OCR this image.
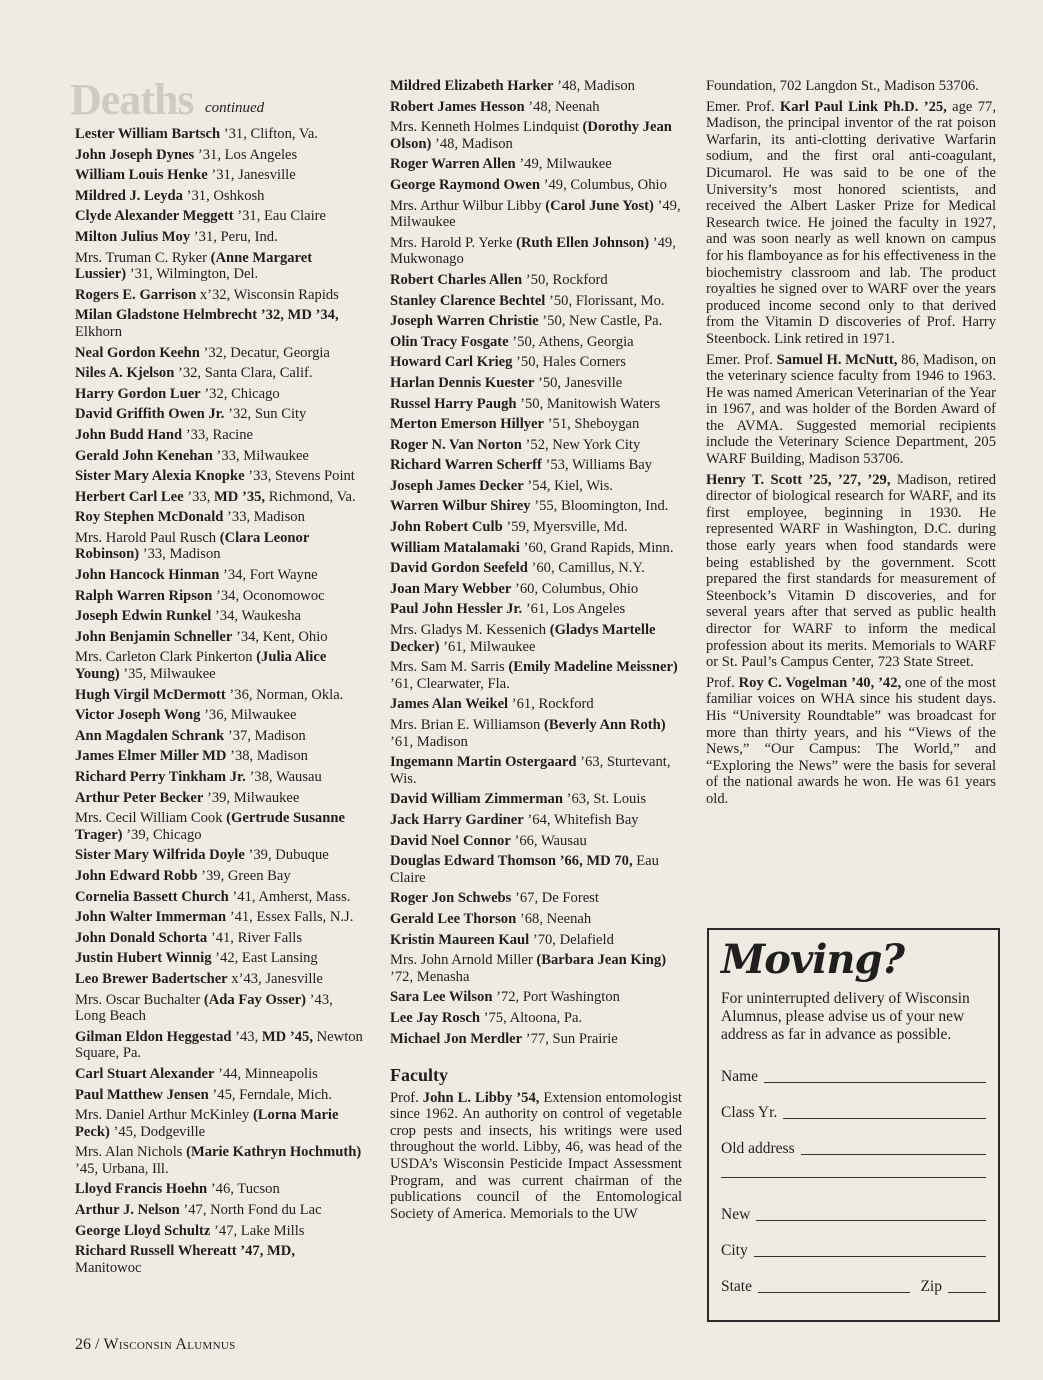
Deaths continued
Lester William Bartsch ’31, Clifton, Va.
John Joseph Dynes ’31, Los Angeles
William Louis Henke ’31, Janesville
Mildred J. Leyda ’31, Oshkosh
Clyde Alexander Meggett ’31, Eau Claire
Milton Julius Moy ’31, Peru, Ind.
Mrs. Truman C. Ryker (Anne Margaret Lussier) ’31, Wilmington, Del.
Rogers E. Garrison x’32, Wisconsin Rapids
Milan Gladstone Helmbrecht ’32, MD ’34, Elkhorn
Neal Gordon Keehn ’32, Decatur, Georgia
Niles A. Kjelson ’32, Santa Clara, Calif.
Harry Gordon Luer ’32, Chicago
David Griffith Owen Jr. ’32, Sun City
John Budd Hand ’33, Racine
Gerald John Kenehan ’33, Milwaukee
Sister Mary Alexia Knopke ’33, Stevens Point
Herbert Carl Lee ’33, MD ’35, Richmond, Va.
Roy Stephen McDonald ’33, Madison
Mrs. Harold Paul Rusch (Clara Leonor Robinson) ’33, Madison
John Hancock Hinman ’34, Fort Wayne
Ralph Warren Ripson ’34, Oconomowoc
Joseph Edwin Runkel ’34, Waukesha
John Benjamin Schneller ’34, Kent, Ohio
Mrs. Carleton Clark Pinkerton (Julia Alice Young) ’35, Milwaukee
Hugh Virgil McDermott ’36, Norman, Okla.
Victor Joseph Wong ’36, Milwaukee
Ann Magdalen Schrank ’37, Madison
James Elmer Miller MD ’38, Madison
Richard Perry Tinkham Jr. ’38, Wausau
Arthur Peter Becker ’39, Milwaukee
Mrs. Cecil William Cook (Gertrude Susanne Trager) ’39, Chicago
Sister Mary Wilfrida Doyle ’39, Dubuque
John Edward Robb ’39, Green Bay
Cornelia Bassett Church ’41, Amherst, Mass.
John Walter Immerman ’41, Essex Falls, N.J.
John Donald Schorta ’41, River Falls
Justin Hubert Winnig ’42, East Lansing
Leo Brewer Badertscher x’43, Janesville
Mrs. Oscar Buchalter (Ada Fay Osser) ’43, Long Beach
Gilman Eldon Heggestad ’43, MD ’45, Newton Square, Pa.
Carl Stuart Alexander ’44, Minneapolis
Paul Matthew Jensen ’45, Ferndale, Mich.
Mrs. Daniel Arthur McKinley (Lorna Marie Peck) ’45, Dodgeville
Mrs. Alan Nichols (Marie Kathryn Hochmuth) ’45, Urbana, Ill.
Lloyd Francis Hoehn ’46, Tucson
Arthur J. Nelson ’47, North Fond du Lac
George Lloyd Schultz ’47, Lake Mills
Richard Russell Whereatt ’47, MD, Manitowoc
Mildred Elizabeth Harker ’48, Madison
Robert James Hesson ’48, Neenah
Mrs. Kenneth Holmes Lindquist (Dorothy Jean Olson) ’48, Madison
Roger Warren Allen ’49, Milwaukee
George Raymond Owen ’49, Columbus, Ohio
Mrs. Arthur Wilbur Libby (Carol June Yost) ’49, Milwaukee
Mrs. Harold P. Yerke (Ruth Ellen Johnson) ’49, Mukwonago
Robert Charles Allen ’50, Rockford
Stanley Clarence Bechtel ’50, Florissant, Mo.
Joseph Warren Christie ’50, New Castle, Pa.
Olin Tracy Fosgate ’50, Athens, Georgia
Howard Carl Krieg ’50, Hales Corners
Harlan Dennis Kuester ’50, Janesville
Russel Harry Paugh ’50, Manitowish Waters
Merton Emerson Hillyer ’51, Sheboygan
Roger N. Van Norton ’52, New York City
Richard Warren Scherff ’53, Williams Bay
Joseph James Decker ’54, Kiel, Wis.
Warren Wilbur Shirey ’55, Bloomington, Ind.
John Robert Culb ’59, Myersville, Md.
William Matalamaki ’60, Grand Rapids, Minn.
David Gordon Seefeld ’60, Camillus, N.Y.
Joan Mary Webber ’60, Columbus, Ohio
Paul John Hessler Jr. ’61, Los Angeles
Mrs. Gladys M. Kessenich (Gladys Martelle Decker) ’61, Milwaukee
Mrs. Sam M. Sarris (Emily Madeline Meissner) ’61, Clearwater, Fla.
James Alan Weikel ’61, Rockford
Mrs. Brian E. Williamson (Beverly Ann Roth) ’61, Madison
Ingemann Martin Ostergaard ’63, Sturtevant, Wis.
David William Zimmerman ’63, St. Louis
Jack Harry Gardiner ’64, Whitefish Bay
David Noel Connor ’66, Wausau
Douglas Edward Thomson ’66, MD 70, Eau Claire
Roger Jon Schwebs ’67, De Forest
Gerald Lee Thorson ’68, Neenah
Kristin Maureen Kaul ’70, Delafield
Mrs. John Arnold Miller (Barbara Jean King) ’72, Menasha
Sara Lee Wilson ’72, Port Washington
Lee Jay Rosch ’75, Altoona, Pa.
Michael Jon Merdler ’77, Sun Prairie
Faculty
Prof. John L. Libby ’54, Extension entomologist since 1962. An authority on control of vegetable crop pests and insects, his writings were used throughout the world. Libby, 46, was head of the USDA’s Wisconsin Pesticide Impact Assessment Program, and was current chairman of the publications council of the Entomological Society of America. Memorials to the UW
Foundation, 702 Langdon St., Madison 53706.
Emer. Prof. Karl Paul Link Ph.D. ’25, age 77, Madison, the principal inventor of the rat poison Warfarin, its anti-clotting derivative Warfarin sodium, and the first oral anti-coagulant, Dicumarol. He was said to be one of the University’s most honored scientists, and received the Albert Lasker Prize for Medical Research twice. He joined the faculty in 1927, and was soon nearly as well known on campus for his flamboyance as for his effectiveness in the biochemistry classroom and lab. The product royalties he signed over to WARF over the years produced income second only to that derived from the Vitamin D discoveries of Prof. Harry Steenbock. Link retired in 1971.
Emer. Prof. Samuel H. McNutt, 86, Madison, on the veterinary science faculty from 1946 to 1963. He was named American Veterinarian of the Year in 1967, and was holder of the Borden Award of the AVMA. Suggested memorial recipients include the Veterinary Science Department, 205 WARF Building, Madison 53706.
Henry T. Scott ’25, ’27, ’29, Madison, retired director of biological research for WARF, and its first employee, beginning in 1930. He represented WARF in Washington, D.C. during those early years when food standards were being established by the government. Scott prepared the first standards for measurement of Steenbock’s Vitamin D discoveries, and for several years after that served as public health director for WARF to inform the medical profession about its merits. Memorials to WARF or St. Paul’s Campus Center, 723 State Street.
Prof. Roy C. Vogelman ’40, ’42, one of the most familiar voices on WHA since his student days. His “University Roundtable” was broadcast for more than thirty years, and his “Views of the News,” “Our Campus: The World,” and “Exploring the News” were the basis for several of the national awards he won. He was 61 years old.
Moving?
For uninterrupted delivery of Wisconsin Alumnus, please advise us of your new address as far in advance as possible.
Name
Class Yr.
Old address
New
City
State	Zip
26 / Wisconsin Alumnus
